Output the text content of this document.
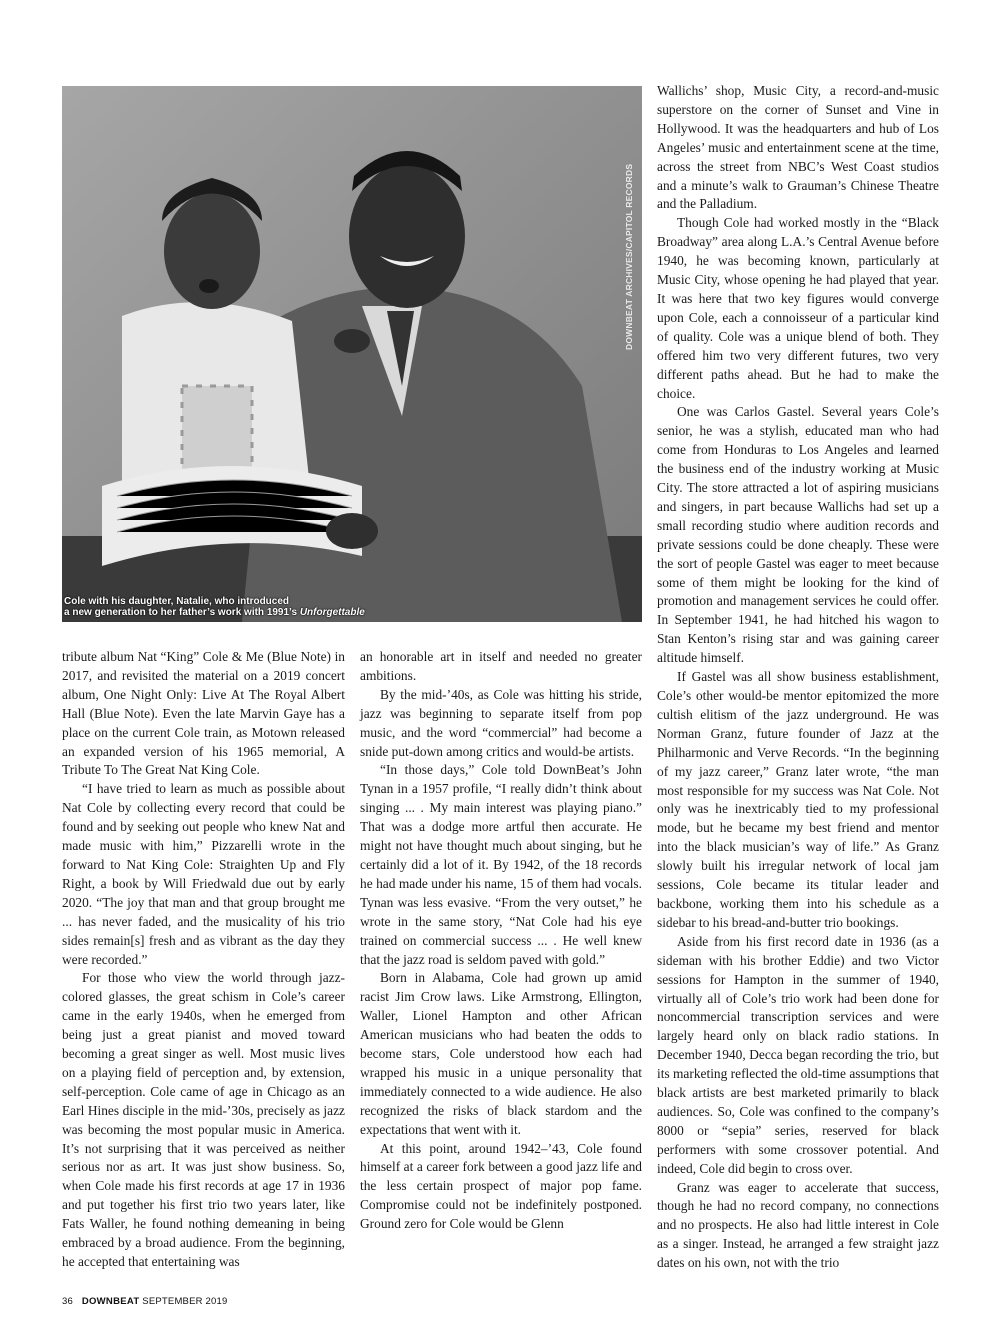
DOWNBEAT ARCHIVES/CAPITOL RECORDS
Cole with his daughter, Natalie, who introduced
a new generation to her father’s work with 1991’s Unforgettable

tribute album Nat “King” Cole & Me (Blue Note) in 2017, and revisited the material on a 2019 concert album, One Night Only: Live At The Royal Albert Hall (Blue Note). Even the late Marvin Gaye has a place on the current Cole train, as Motown released an expanded version of his 1965 memorial, A Tribute To The Great Nat King Cole.

“I have tried to learn as much as possible about Nat Cole by collecting every record that could be found and by seeking out people who knew Nat and made music with him,” Pizzarelli wrote in the forward to Nat King Cole: Straighten Up and Fly Right, a book by Will Friedwald due out by early 2020. “The joy that man and that group brought me ... has never faded, and the musicality of his trio sides remain[s] fresh and as vibrant as the day they were recorded.”

For those who view the world through jazz-colored glasses, the great schism in Cole’s career came in the early 1940s, when he emerged from being just a great pianist and moved toward becoming a great singer as well. Most music lives on a playing field of perception and, by extension, self-perception. Cole came of age in Chicago as an Earl Hines disciple in the mid-’30s, precisely as jazz was becoming the most popular music in America. It’s not surprising that it was perceived as neither serious nor as art. It was just show business. So, when Cole made his first records at age 17 in 1936 and put together his first trio two years later, like Fats Waller, he found nothing demeaning in being embraced by a broad audience. From the beginning, he accepted that entertaining was

an honorable art in itself and needed no greater ambitions.

By the mid-’40s, as Cole was hitting his stride, jazz was beginning to separate itself from pop music, and the word “commercial” had become a snide put-down among critics and would-be artists.

“In those days,” Cole told DownBeat’s John Tynan in a 1957 profile, “I really didn’t think about singing ... . My main interest was playing piano.” That was a dodge more artful then accurate. He might not have thought much about singing, but he certainly did a lot of it. By 1942, of the 18 records he had made under his name, 15 of them had vocals. Tynan was less evasive. “From the very outset,” he wrote in the same story, “Nat Cole had his eye trained on commercial success ... . He well knew that the jazz road is seldom paved with gold.”

Born in Alabama, Cole had grown up amid racist Jim Crow laws. Like Armstrong, Ellington, Waller, Lionel Hampton and other African American musicians who had beaten the odds to become stars, Cole understood how each had wrapped his music in a unique personality that immediately connected to a wide audience. He also recognized the risks of black stardom and the expectations that went with it.

At this point, around 1942–’43, Cole found himself at a career fork between a good jazz life and the less certain prospect of major pop fame. Compromise could not be indefinitely postponed. Ground zero for Cole would be Glenn

Wallichs’ shop, Music City, a record-and-music superstore on the corner of Sunset and Vine in Hollywood. It was the headquarters and hub of Los Angeles’ music and entertainment scene at the time, across the street from NBC’s West Coast studios and a minute’s walk to Grauman’s Chinese Theatre and the Palladium.

Though Cole had worked mostly in the “Black Broadway” area along L.A.’s Central Avenue before 1940, he was becoming known, particularly at Music City, whose opening he had played that year. It was here that two key figures would converge upon Cole, each a connoisseur of a particular kind of quality. Cole was a unique blend of both. They offered him two very different futures, two very different paths ahead. But he had to make the choice.

One was Carlos Gastel. Several years Cole’s senior, he was a stylish, educated man who had come from Honduras to Los Angeles and learned the business end of the industry working at Music City. The store attracted a lot of aspiring musicians and singers, in part because Wallichs had set up a small recording studio where audition records and private sessions could be done cheaply. These were the sort of people Gastel was eager to meet because some of them might be looking for the kind of promotion and management services he could offer. In September 1941, he had hitched his wagon to Stan Kenton’s rising star and was gaining career altitude himself.

If Gastel was all show business establishment, Cole’s other would-be mentor epitomized the more cultish elitism of the jazz underground. He was Norman Granz, future founder of Jazz at the Philharmonic and Verve Records. “In the beginning of my jazz career,” Granz later wrote, “the man most responsible for my success was Nat Cole. Not only was he inextricably tied to my professional mode, but he became my best friend and mentor into the black musician’s way of life.” As Granz slowly built his irregular network of local jam sessions, Cole became its titular leader and backbone, working them into his schedule as a sidebar to his bread-and-butter trio bookings.

Aside from his first record date in 1936 (as a sideman with his brother Eddie) and two Victor sessions for Hampton in the summer of 1940, virtually all of Cole’s trio work had been done for noncommercial transcription services and were largely heard only on black radio stations. In December 1940, Decca began recording the trio, but its marketing reflected the old-time assumptions that black artists are best marketed primarily to black audiences. So, Cole was confined to the company’s 8000 or “sepia” series, reserved for black performers with some crossover potential. And indeed, Cole did begin to cross over.

Granz was eager to accelerate that success, though he had no record company, no connections and no prospects. He also had little interest in Cole as a singer. Instead, he arranged a few straight jazz dates on his own, not with the trio

36 DOWNBEAT SEPTEMBER 2019
